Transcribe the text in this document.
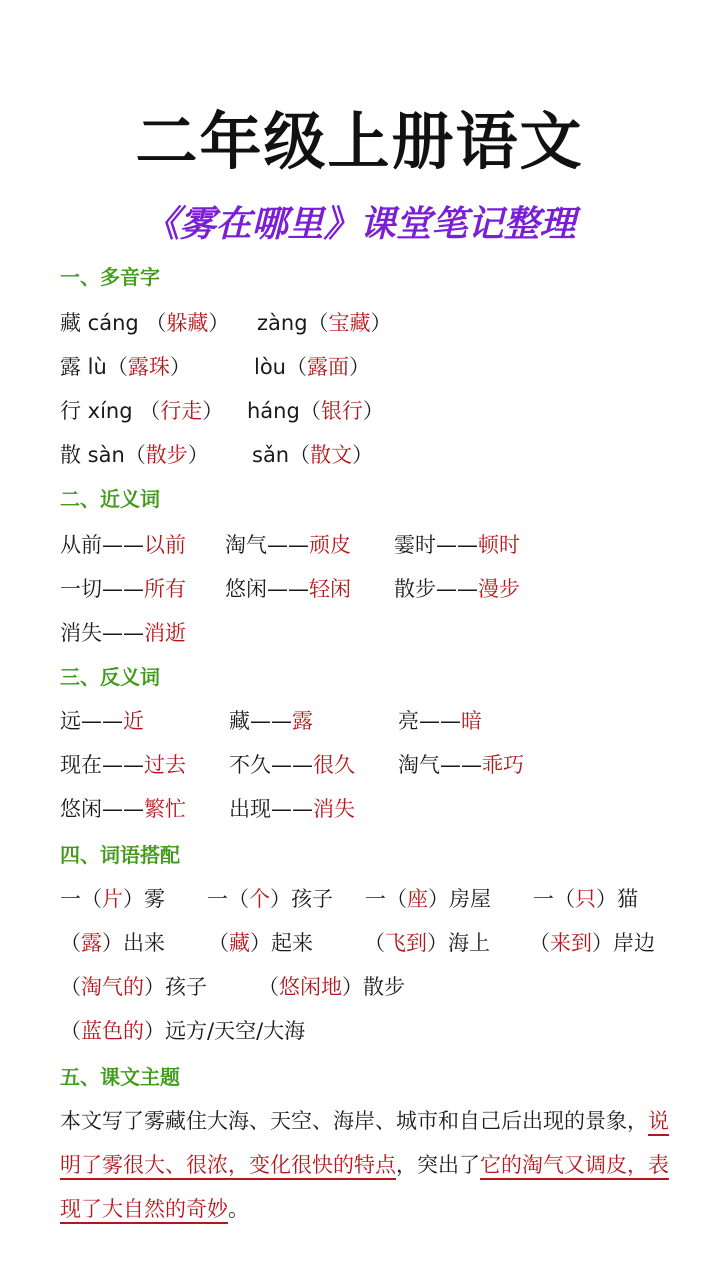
二年级上册语文
《雾在哪里》课堂笔记整理
一、多音字
藏 cáng （躲藏） zàng（宝藏）
露 lù（露珠）	lòu（露面）
行 xíng （行走） háng（银行）
散 sàn（散步） sǎn（散文）
二、近义词
从前——以前 淘气——顽皮 霎时——顿时
一切——所有 悠闲——轻闲 散步——漫步
消失——消逝
三、反义词
远——近	藏——露	亮——暗
现在——过去 不久——很久 淘气——乖巧
悠闲——繁忙 出现——消失
四、词语搭配
一（片）雾 一（个）孩子 一（座）房屋 一（只）猫
（露）出来 （藏）起来 （飞到）海上 （来到）岸边
（淘气的）孩子 （悠闲地）散步
（蓝色的）远方/天空/大海
五、课文主题
本文写了雾藏住大海、天空、海岸、城市和自己后出现的景象，说明了雾很大、很浓，变化很快的特点，突出了它的淘气又调皮，表现了大自然的奇妙。
